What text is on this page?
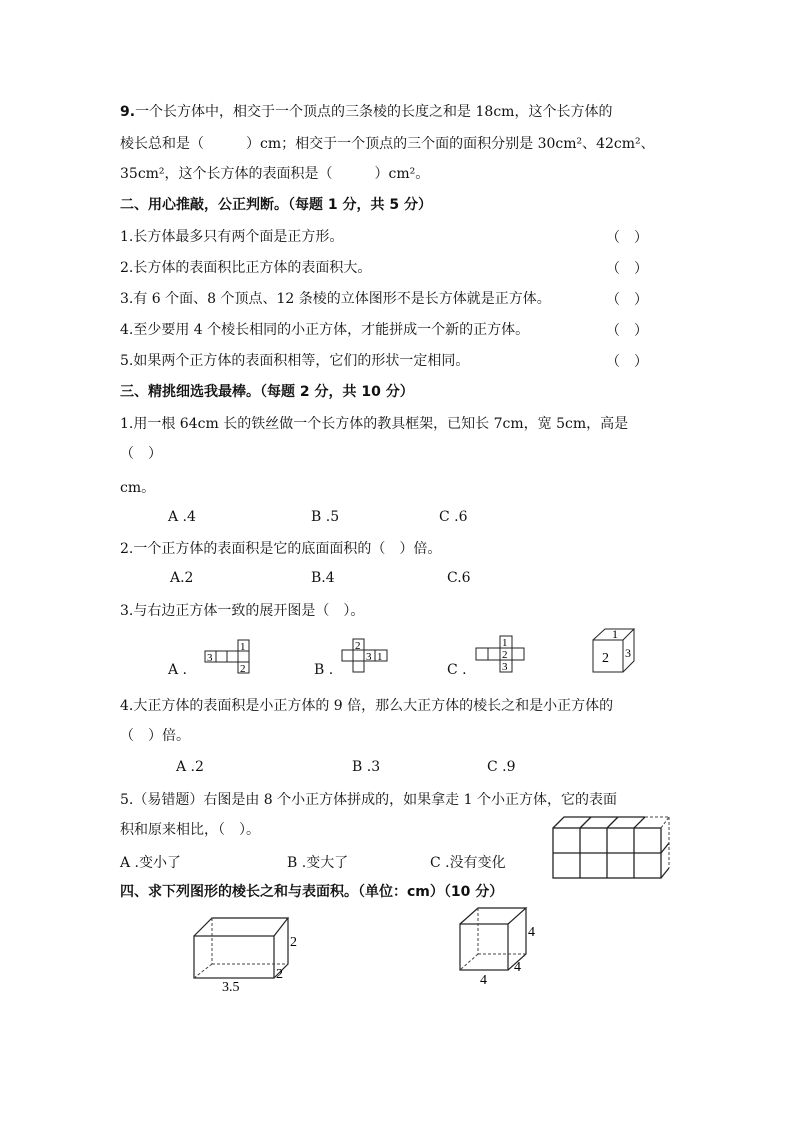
9.一个长方体中，相交于一个顶点的三条棱的长度之和是 18cm，这个长方体的
棱长总和是（　　　）cm；相交于一个顶点的三个面的面积分别是 30cm²、42cm²、
35cm²，这个长方体的表面积是（　　　）cm²。
二、用心推敲，公正判断。（每题 1 分，共 5 分）
1.长方体最多只有两个面是正方形。	（　）
2.长方体的表面积比正方体的表面积大。	（　）
3.有 6 个面、8 个顶点、12 条棱的立体图形不是长方体就是正方体。	（　）
4.至少要用 4 个棱长相同的小正方体，才能拼成一个新的正方体。	（　）
5.如果两个正方体的表面积相等，它们的形状一定相同。	（　）
三、精挑细选我最棒。（每题 2 分，共 10 分）
1.用一根 64cm 长的铁丝做一个长方体的教具框架，已知长 7cm，宽 5cm，高是
（　）
cm。
A .4	B .5	C .6
2.一个正方体的表面积是它的底面面积的（　）倍。
A.2	B.4	C.6
3.与右边正方体一致的展开图是（　）。
A .	B .	C .
1
3
2
2
3 1
1
2
3
1
2 3
4.大正方体的表面积是小正方体的 9 倍，那么大正方体的棱长之和是小正方体的
（　）倍。
A .2	B .3	C .9
5.（易错题）右图是由 8 个小正方体拼成的，如果拿走 1 个小正方体，它的表面
积和原来相比，（　）。
A .变小了	B .变大了	C .没有变化
四、求下列图形的棱长之和与表面积。（单位：cm）（10 分）
2
2
3.5
4
4
4
